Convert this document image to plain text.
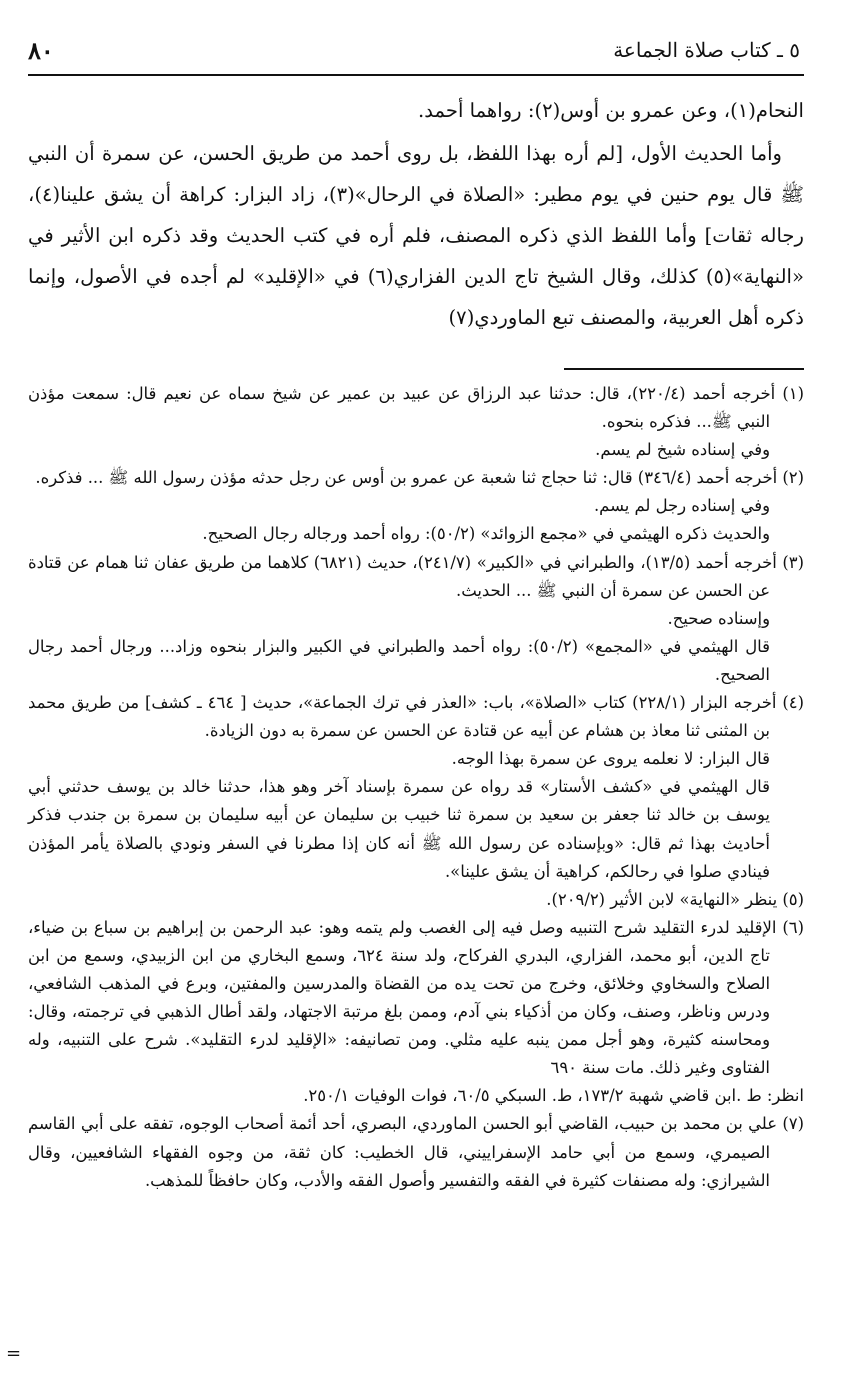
٥ ـ كتاب صلاة الجماعة
٨٠

النحام(١)، وعن عمرو بن أوس(٢): رواهما أحمد.

وأما الحديث الأول، [لم أره بهذا اللفظ، بل روى أحمد من طريق الحسن، عن سمرة أن النبي ﷺ قال يوم حنين في يوم مطير: «الصلاة في الرحال»(٣)، زاد البزار: كراهة أن يشق علينا(٤)، رجاله ثقات] وأما اللفظ الذي ذكره المصنف، فلم أره في كتب الحديث وقد ذكره ابن الأثير في «النهاية»(٥) كذلك، وقال الشيخ تاج الدين الفزاري(٦) في «الإقليد» لم أجده في الأصول، وإنما ذكره أهل العربية، والمصنف تبع الماوردي(٧)

(١) أخرجه أحمد (٢٢٠/٤)، قال: حدثنا عبد الرزاق عن عبيد بن عمير عن شيخ سماه عن نعيم قال: سمعت مؤذن النبي ﷺ... فذكره بنحوه.

وفي إسناده شيخ لم يسم.

(٢) أخرجه أحمد (٣٤٦/٤) قال: ثنا حجاج ثنا شعبة عن عمرو بن أوس عن رجل حدثه مؤذن رسول الله ﷺ ... فذكره.

وفي إسناده رجل لم يسم.

والحديث ذكره الهيثمي في «مجمع الزوائد» (٥٠/٢): رواه أحمد ورجاله رجال الصحيح.

(٣) أخرجه أحمد (١٣/٥)، والطبراني في «الكبير» (٢٤١/٧)، حديث (٦٨٢١) كلاهما من طريق عفان ثنا همام عن قتادة عن الحسن عن سمرة أن النبي ﷺ ... الحديث.

وإسناده صحيح.

قال الهيثمي في «المجمع» (٥٠/٢): رواه أحمد والطبراني في الكبير والبزار بنحوه وزاد... ورجال أحمد رجال الصحيح.

(٤) أخرجه البزار (٢٢٨/١) كتاب «الصلاة»، باب: «العذر في ترك الجماعة»، حديث [ ٤٦٤ ـ كشف] من طريق محمد بن المثنى ثنا معاذ بن هشام عن أبيه عن قتادة عن الحسن عن سمرة به دون الزيادة.

قال البزار: لا نعلمه يروى عن سمرة بهذا الوجه.

قال الهيثمي في «كشف الأستار» قد رواه عن سمرة بإسناد آخر وهو هذا، حدثنا خالد بن يوسف حدثني أبي يوسف بن خالد ثنا جعفر بن سعيد بن سمرة ثنا خبيب بن سليمان عن أبيه سليمان بن سمرة بن جندب فذكر أحاديث بهذا ثم قال: «وبإسناده عن رسول الله ﷺ أنه كان إذا مطرنا في السفر ونودي بالصلاة يأمر المؤذن فينادي صلوا في رحالكم، كراهية أن يشق علينا».

(٥) ينظر «النهاية» لابن الأثير (٢٠٩/٢).

(٦) الإقليد لدرء التقليد شرح التنبيه وصل فيه إلى الغصب ولم يتمه وهو: عبد الرحمن بن إبراهيم بن سباع بن ضياء، تاج الدين، أبو محمد، الفزاري، البدري الفركاح، ولد سنة ٦٢٤، وسمع البخاري من ابن الزبيدي، وسمع من ابن الصلاح والسخاوي وخلائق، وخرج من تحت يده من القضاة والمدرسين والمفتين، وبرع في المذهب الشافعي، ودرس وناظر، وصنف، وكان من أذكياء بني آدم، وممن بلغ مرتبة الاجتهاد، ولقد أطال الذهبي في ترجمته، وقال: ومحاسنه كثيرة، وهو أجل ممن ينبه عليه مثلي. ومن تصانيفه: «الإقليد لدرء التقليد». شرح على التنبيه، وله الفتاوى وغير ذلك. مات سنة ٦٩٠

انظر: ط .ابن قاضي شهبة ١٧٣/٢، ط. السبكي ٦٠/٥، فوات الوفيات ٢٥٠/١.

(٧) علي بن محمد بن حبيب، القاضي أبو الحسن الماوردي، البصري، أحد أئمة أصحاب الوجوه، تفقه على أبي القاسم الصيمري، وسمع من أبي حامد الإسفراييني، قال الخطيب: كان ثقة، من وجوه الفقهاء الشافعيين، وقال الشيرازي: وله مصنفات كثيرة في الفقه والتفسير وأصول الفقه والأدب، وكان حافظاً للمذهب.

=
